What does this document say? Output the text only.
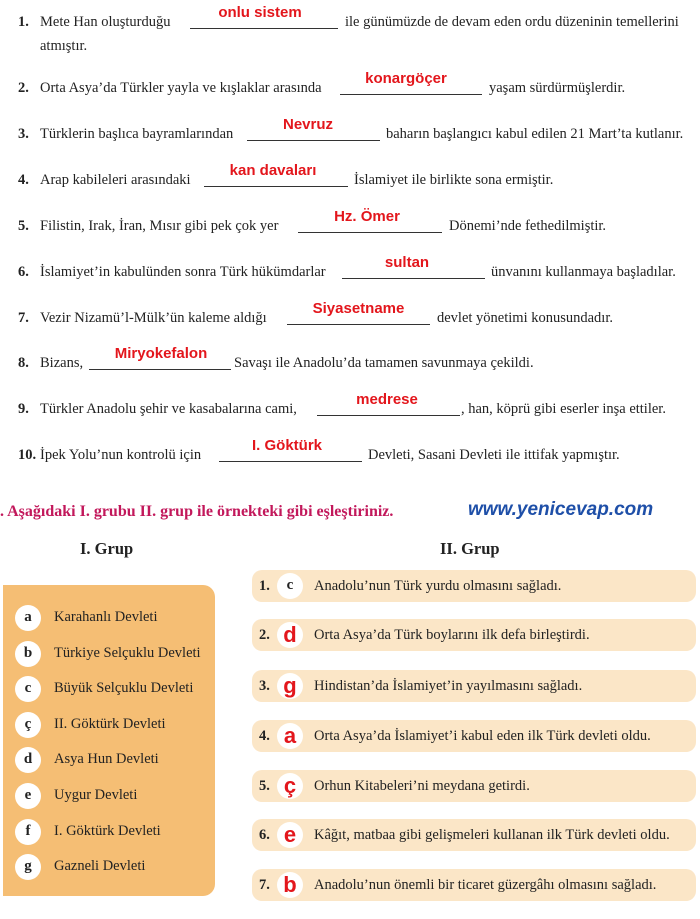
1. Mete Han oluşturduğu
onlu sistem
ile günümüzde de devam eden ordu düzeninin temellerini
atmıştır.
2. Orta Asya’da Türkler yayla ve kışlaklar arasında
konargöçer
yaşam sürdürmüşlerdir.
3. Türklerin başlıca bayramlarından
Nevruz
baharın başlangıcı kabul edilen 21 Mart’ta kutlanır.
4. Arap kabileleri arasındaki
kan davaları
İslamiyet ile birlikte sona ermiştir.
5. Filistin, Irak, İran, Mısır gibi pek çok yer
Hz. Ömer
Dönemi’nde fethedilmiştir.
6. İslamiyet’in kabulünden sonra Türk hükümdarlar
sultan
ünvanını kullanmaya başladılar.
7. Vezir Nizamü’l-Mülk’ün kaleme aldığı
Siyasetname
devlet yönetimi konusundadır.
8. Bizans,
Miryokefalon
Savaşı ile Anadolu’da tamamen savunmaya çekildi.
9. Türkler Anadolu şehir ve kasabalarına cami,
medrese
, han, köprü gibi eserler inşa ettiler.
10. İpek Yolu’nun kontrolü için
I. Göktürk
Devleti, Sasani Devleti ile ittifak yapmıştır.
. Aşağıdaki I. grubu II. grup ile örnekteki gibi eşleştiriniz.	www.yenicevap.com
I. Grup	II. Grup
a	Karahanlı Devleti
b	Türkiye Selçuklu Devleti
c	Büyük Selçuklu Devleti
ç	II. Göktürk Devleti
d	Asya Hun Devleti
e	Uygur Devleti
f	I. Göktürk Devleti
g	Gazneli Devleti
1.	c	Anadolu’nun Türk yurdu olmasını sağladı.
2. d	Orta Asya’da Türk boylarını ilk defa birleştirdi.
3. g	Hindistan’da İslamiyet’in yayılmasını sağladı.
4. a	Orta Asya’da İslamiyet’i kabul eden ilk Türk devleti oldu.
5. ç	Orhun Kitabeleri’ni meydana getirdi.
6. e	Kâğıt, matbaa gibi gelişmeleri kullanan ilk Türk devleti oldu.
7. b	Anadolu’nun önemli bir ticaret güzergâhı olmasını sağladı.
